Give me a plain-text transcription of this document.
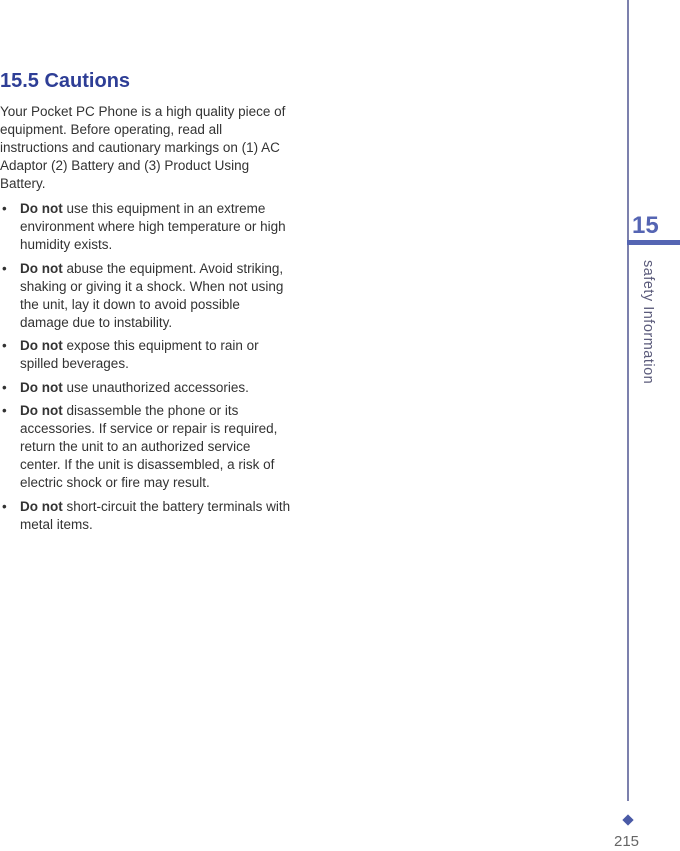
15.5 Cautions

Your Pocket PC Phone is a high quality piece of equipment. Before operating, read all instructions and cautionary markings on (1) AC Adaptor (2) Battery and (3) Product Using Battery.

• Do not use this equipment in an extreme environment where high temperature or high humidity exists.
• Do not abuse the equipment. Avoid striking, shaking or giving it a shock. When not using the unit, lay it down to avoid possible damage due to instability.
• Do not expose this equipment to rain or spilled beverages.
• Do not use unauthorized accessories.
• Do not disassemble the phone or its accessories. If service or repair is required, return the unit to an authorized service center. If the unit is disassembled, a risk of electric shock or fire may result.
• Do not short-circuit the battery terminals with metal items.
15
safety Information
215
